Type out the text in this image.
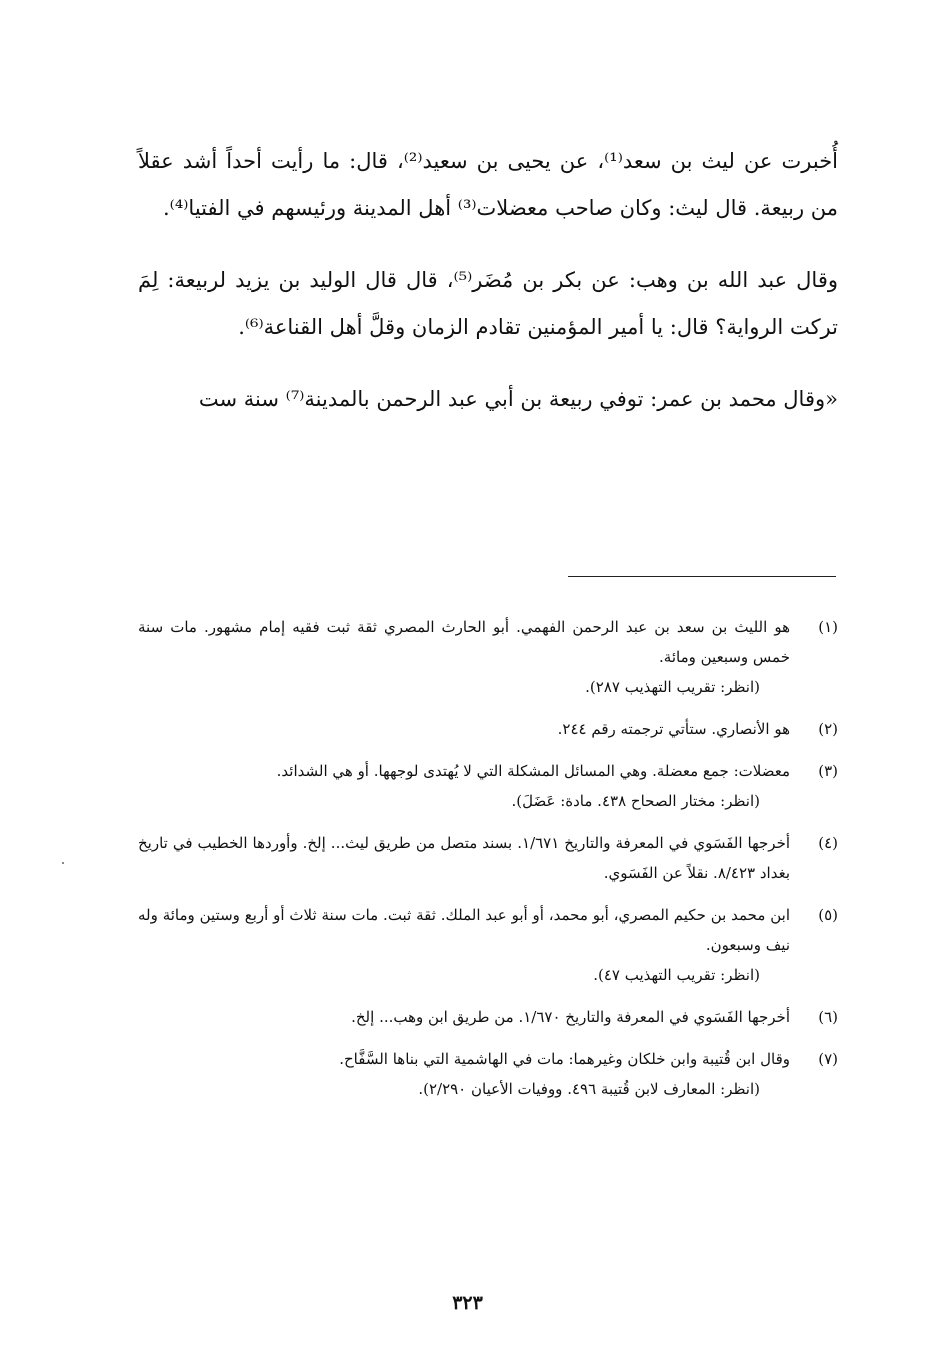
أُخبرت عن ليث بن سعد⁽¹⁾، عن يحيى بن سعيد⁽²⁾، قال: ما رأيت أحداً أشد عقلاً من ربيعة. قال ليث: وكان صاحب معضلات⁽³⁾ أهل المدينة ورئيسهم في الفتيا⁽⁴⁾.

وقال عبد الله بن وهب: عن بكر بن مُضَر⁽⁵⁾، قال قال الوليد بن يزيد لربيعة: لِمَ تركت الرواية؟ قال: يا أمير المؤمنين تقادم الزمان وقلَّ أهل القناعة⁽⁶⁾.

«وقال محمد بن عمر: توفي ربيعة بن أبي عبد الرحمن بالمدينة⁽⁷⁾ سنة ست

(١)
هو الليث بن سعد بن عبد الرحمن الفهمي. أبو الحارث المصري ثقة ثبت فقيه إمام مشهور. مات سنة خمس وسبعين ومائة.
(انظر: تقريب التهذيب ٢٨٧).
(٢)
هو الأنصاري. ستأتي ترجمته رقم ٢٤٤.
(٣)
معضلات: جمع معضلة. وهي المسائل المشكلة التي لا يُهتدى لوجهها. أو هي الشدائد.
(انظر: مختار الصحاح ٤٣٨. مادة: عَضَلَ).
(٤)
أخرجها الفَسَوي في المعرفة والتاريخ ١/٦٧١. بسند متصل من طريق ليث... إلخ. وأوردها الخطيب في تاريخ بغداد ٨/٤٢٣. نقلاً عن الفَسَوي.
(٥)
ابن محمد بن حكيم المصري، أبو محمد، أو أبو عبد الملك. ثقة ثبت. مات سنة ثلاث أو أربع وستين ومائة وله نيف وسبعون.
(انظر: تقريب التهذيب ٤٧).
(٦)
أخرجها الفَسَوي في المعرفة والتاريخ ١/٦٧٠. من طريق ابن وهب... إلخ.
(٧)
وقال ابن قُتيبة وابن خلكان وغيرهما: مات في الهاشمية التي بناها السَّفَّاح.
(انظر: المعارف لابن قُتيبة ٤٩٦. ووفيات الأعيان ٢/٢٩٠).
٣٢٣
